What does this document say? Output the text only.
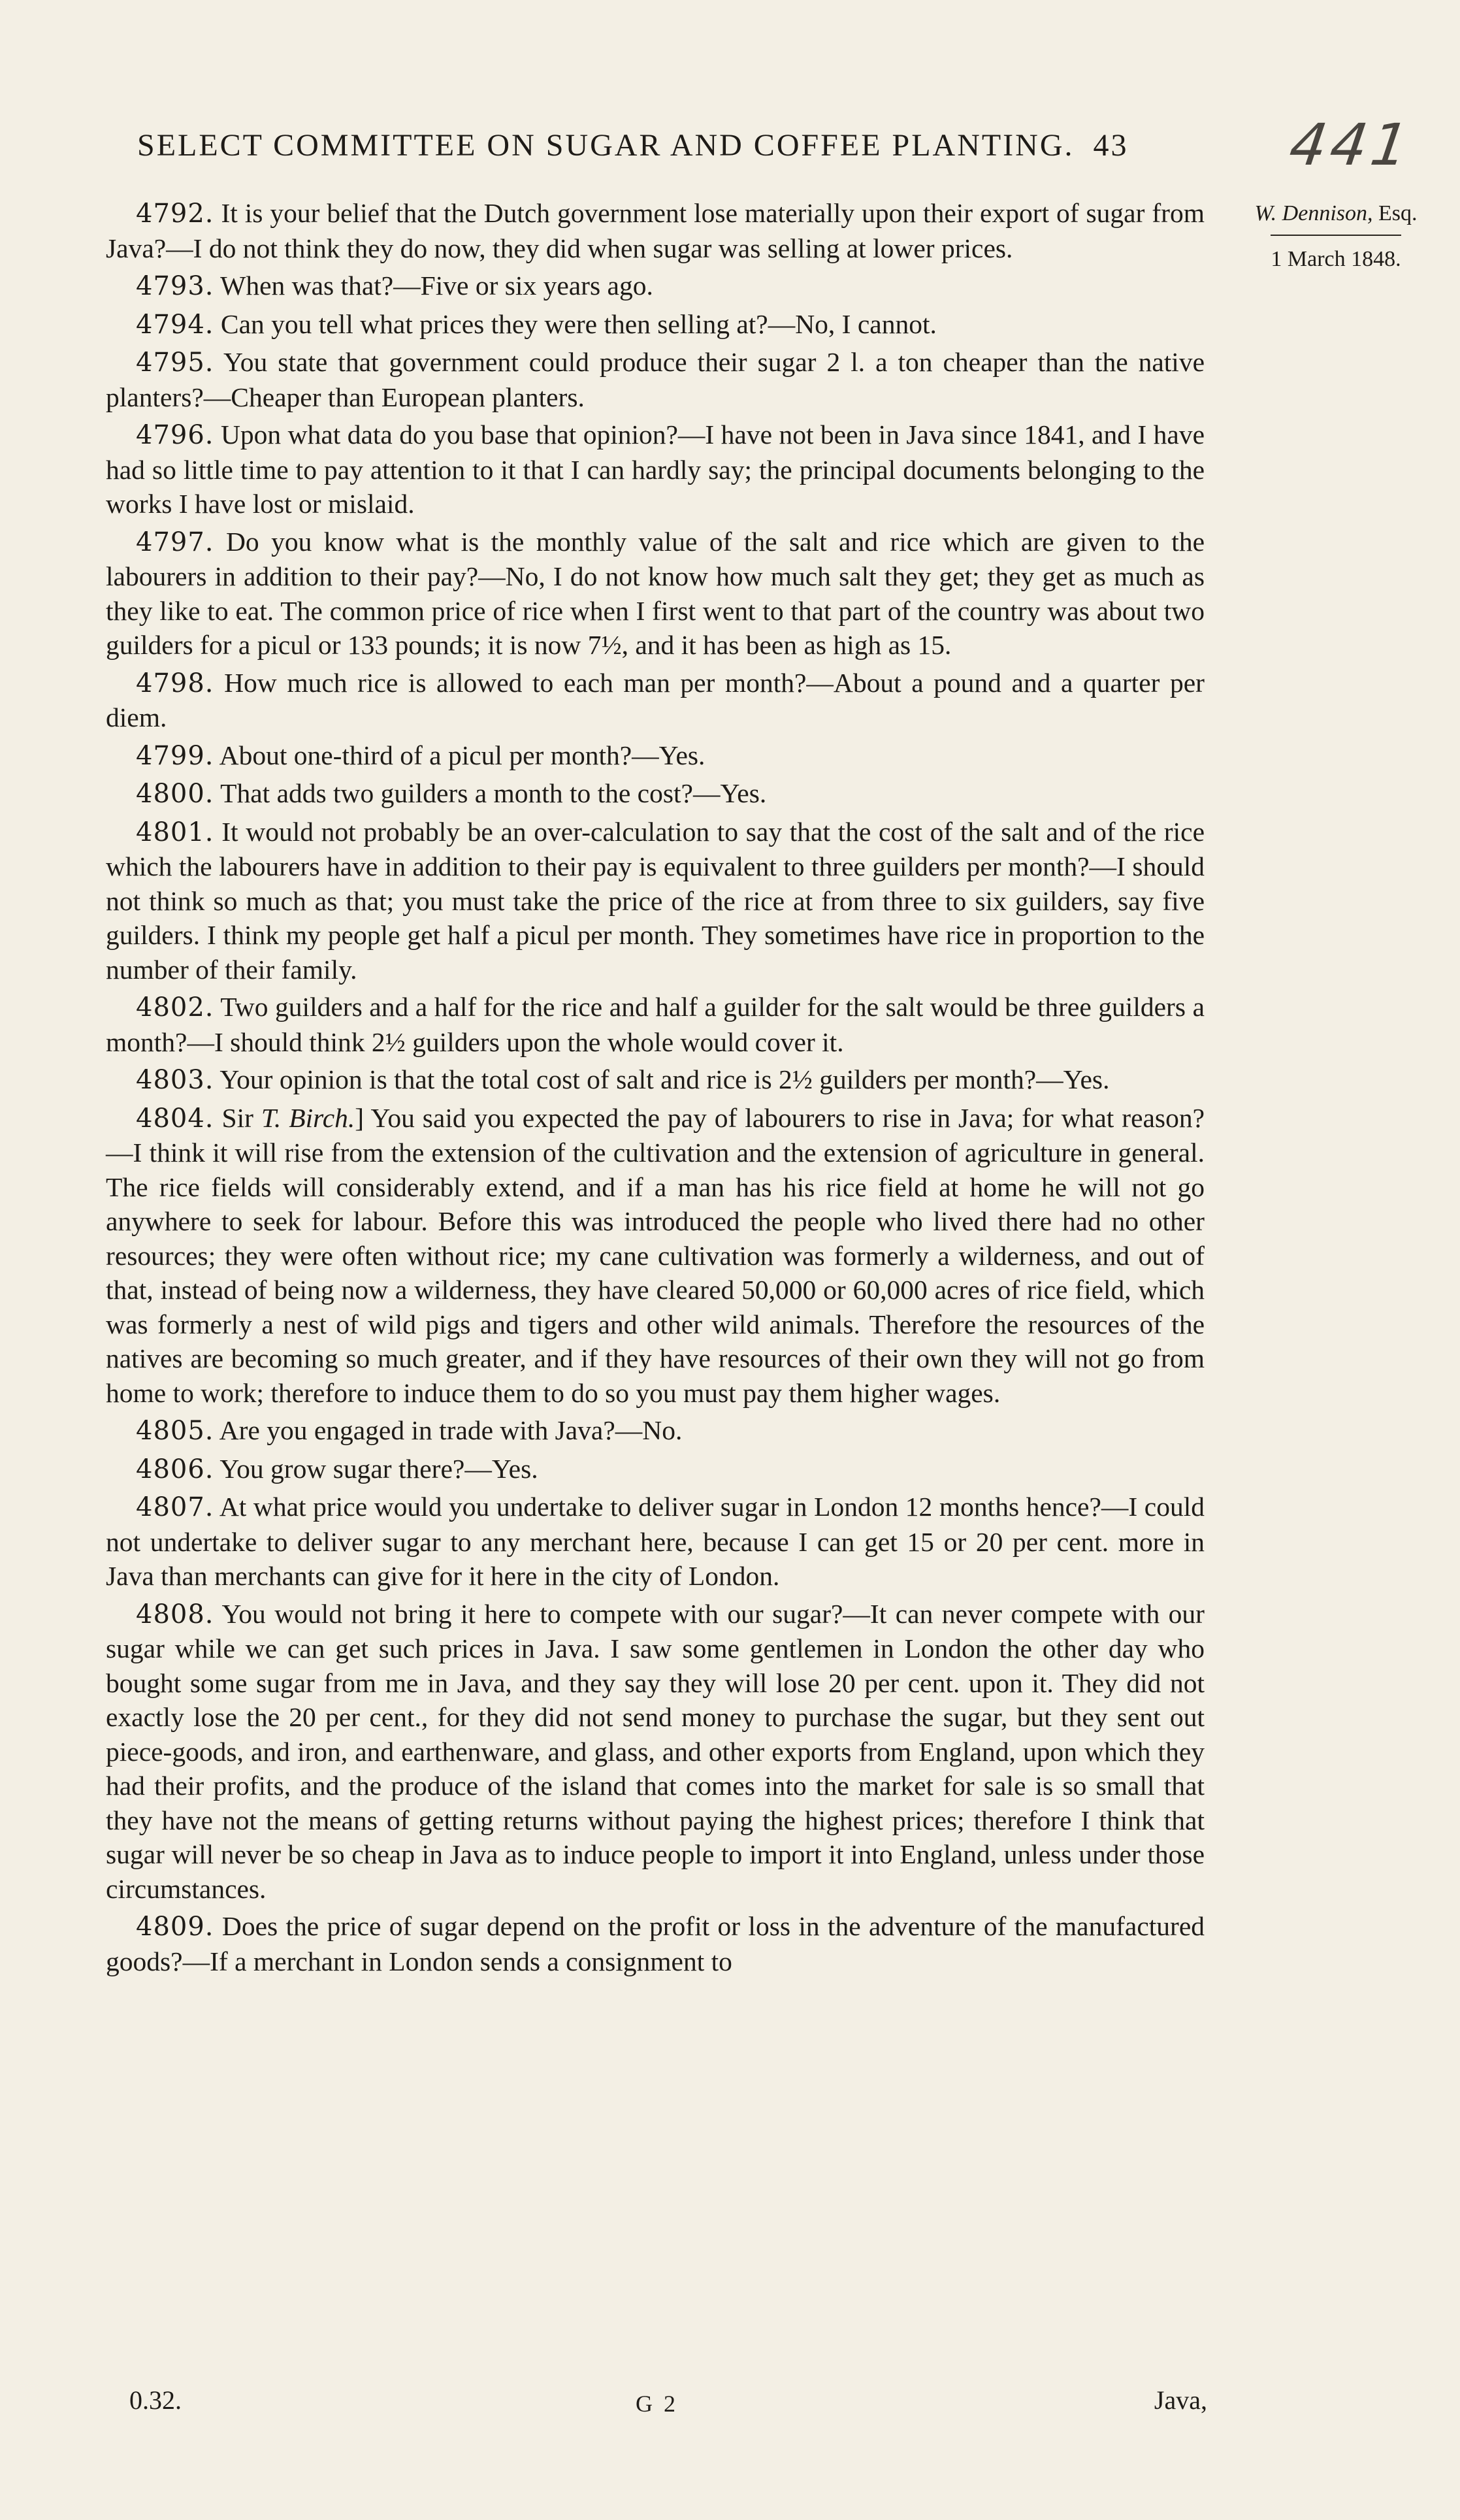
SELECT COMMITTEE ON SUGAR AND COFFEE PLANTING. 43	441
W. Dennison, Esq.
1 March 1848.

4792. It is your belief that the Dutch government lose materially upon their export of sugar from Java?—I do not think they do now, they did when sugar was selling at lower prices.

4793. When was that?—Five or six years ago.

4794. Can you tell what prices they were then selling at?—No, I cannot.

4795. You state that government could produce their sugar 2 l. a ton cheaper than the native planters?—Cheaper than European planters.

4796. Upon what data do you base that opinion?—I have not been in Java since 1841, and I have had so little time to pay attention to it that I can hardly say; the principal documents belonging to the works I have lost or mislaid.

4797. Do you know what is the monthly value of the salt and rice which are given to the labourers in addition to their pay?—No, I do not know how much salt they get; they get as much as they like to eat. The common price of rice when I first went to that part of the country was about two guilders for a picul or 133 pounds; it is now 7½, and it has been as high as 15.

4798. How much rice is allowed to each man per month?—About a pound and a quarter per diem.

4799. About one-third of a picul per month?—Yes.

4800. That adds two guilders a month to the cost?—Yes.

4801. It would not probably be an over-calculation to say that the cost of the salt and of the rice which the labourers have in addition to their pay is equivalent to three guilders per month?—I should not think so much as that; you must take the price of the rice at from three to six guilders, say five guilders. I think my people get half a picul per month. They sometimes have rice in proportion to the number of their family.

4802. Two guilders and a half for the rice and half a guilder for the salt would be three guilders a month?—I should think 2½ guilders upon the whole would cover it.

4803. Your opinion is that the total cost of salt and rice is 2½ guilders per month?—Yes.

4804. Sir T. Birch.] You said you expected the pay of labourers to rise in Java; for what reason?—I think it will rise from the extension of the cultivation and the extension of agriculture in general. The rice fields will considerably extend, and if a man has his rice field at home he will not go anywhere to seek for labour. Before this was introduced the people who lived there had no other resources; they were often without rice; my cane cultivation was formerly a wilderness, and out of that, instead of being now a wilderness, they have cleared 50,000 or 60,000 acres of rice field, which was formerly a nest of wild pigs and tigers and other wild animals. Therefore the resources of the natives are becoming so much greater, and if they have resources of their own they will not go from home to work; therefore to induce them to do so you must pay them higher wages.

4805. Are you engaged in trade with Java?—No.

4806. You grow sugar there?—Yes.

4807. At what price would you undertake to deliver sugar in London 12 months hence?—I could not undertake to deliver sugar to any merchant here, because I can get 15 or 20 per cent. more in Java than merchants can give for it here in the city of London.

4808. You would not bring it here to compete with our sugar?—It can never compete with our sugar while we can get such prices in Java. I saw some gentlemen in London the other day who bought some sugar from me in Java, and they say they will lose 20 per cent. upon it. They did not exactly lose the 20 per cent., for they did not send money to purchase the sugar, but they sent out piece-goods, and iron, and earthenware, and glass, and other exports from England, upon which they had their profits, and the produce of the island that comes into the market for sale is so small that they have not the means of getting returns without paying the highest prices; therefore I think that sugar will never be so cheap in Java as to induce people to import it into England, unless under those circumstances.

4809. Does the price of sugar depend on the profit or loss in the adventure of the manufactured goods?—If a merchant in London sends a consignment to

0.32.	G 2	Java,
